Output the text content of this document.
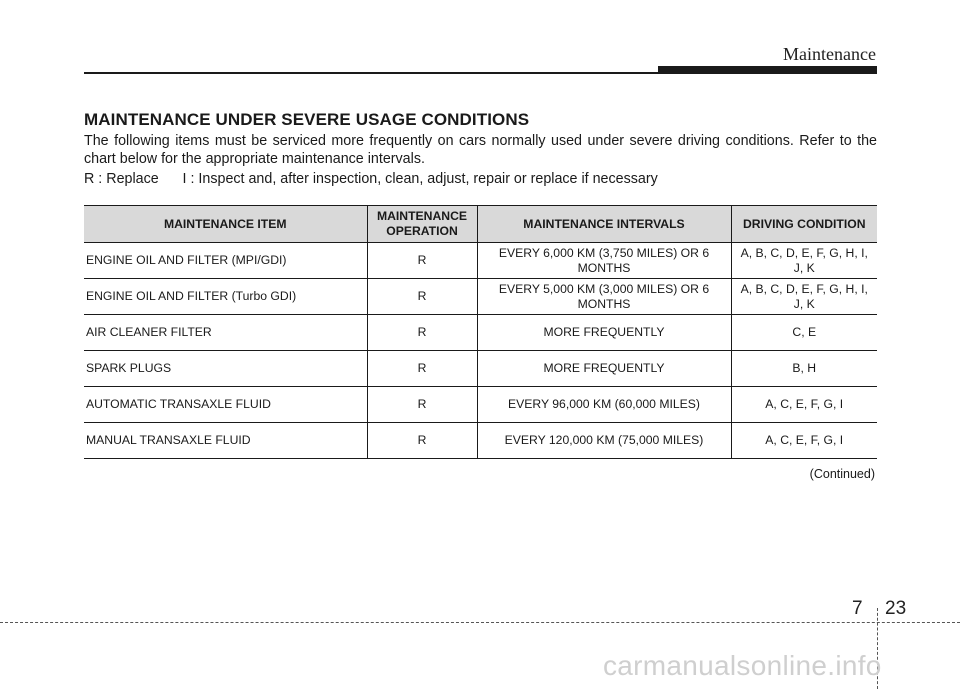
Maintenance
MAINTENANCE UNDER SEVERE USAGE CONDITIONS
The following items must be serviced more frequently on cars normally used under severe driving conditions. Refer to the chart below for the appropriate maintenance intervals.
R : Replace      I : Inspect and, after inspection, clean, adjust, repair or replace if necessary
MAINTENANCE ITEM	MAINTENANCE OPERATION	MAINTENANCE INTERVALS	DRIVING CONDITION
ENGINE OIL AND FILTER (MPI/GDI)	R	EVERY 6,000 KM (3,750 MILES) OR 6 MONTHS	A, B, C, D, E, F, G, H, I, J, K
ENGINE OIL AND FILTER (Turbo GDI)	R	EVERY 5,000 KM (3,000 MILES) OR 6 MONTHS	A, B, C, D, E, F, G, H, I, J, K
AIR CLEANER FILTER	R	MORE FREQUENTLY	C, E
SPARK PLUGS	R	MORE FREQUENTLY	B, H
AUTOMATIC TRANSAXLE FLUID	R	EVERY 96,000 KM (60,000 MILES)	A, C, E, F, G, I
MANUAL TRANSAXLE FLUID	R	EVERY 120,000 KM (75,000 MILES)	A, C, E, F, G, I
(Continued)
7 23
carmanualsonline.info
